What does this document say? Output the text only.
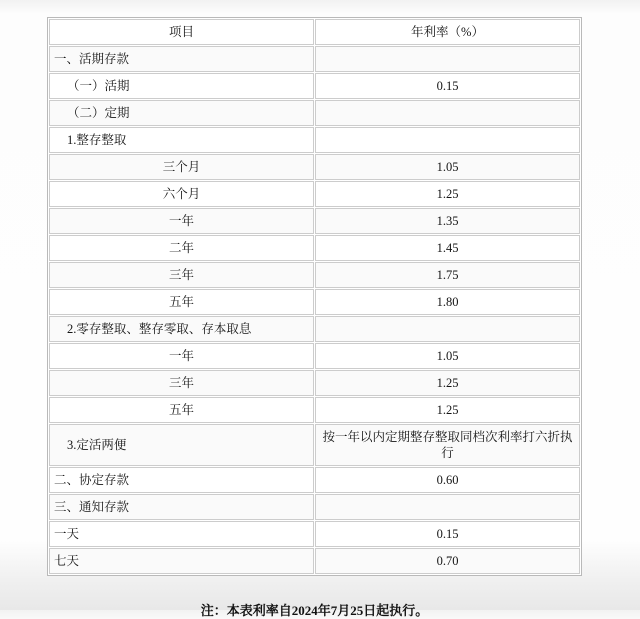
项目	年利率（%）
一、活期存款	
（一）活期	0.15
（二）定期	
1.整存整取	
三个月	1.05
六个月	1.25
一年	1.35
二年	1.45
三年	1.75
五年	1.80
2.零存整取、整存零取、存本取息	
一年	1.05
三年	1.25
五年	1.25
3.定活两便	按一年以内定期整存整取同档次利率打六折执行
二、协定存款	0.60
三、通知存款	
一天	0.15
七天	0.70
注：本表利率自2024年7月25日起执行。
